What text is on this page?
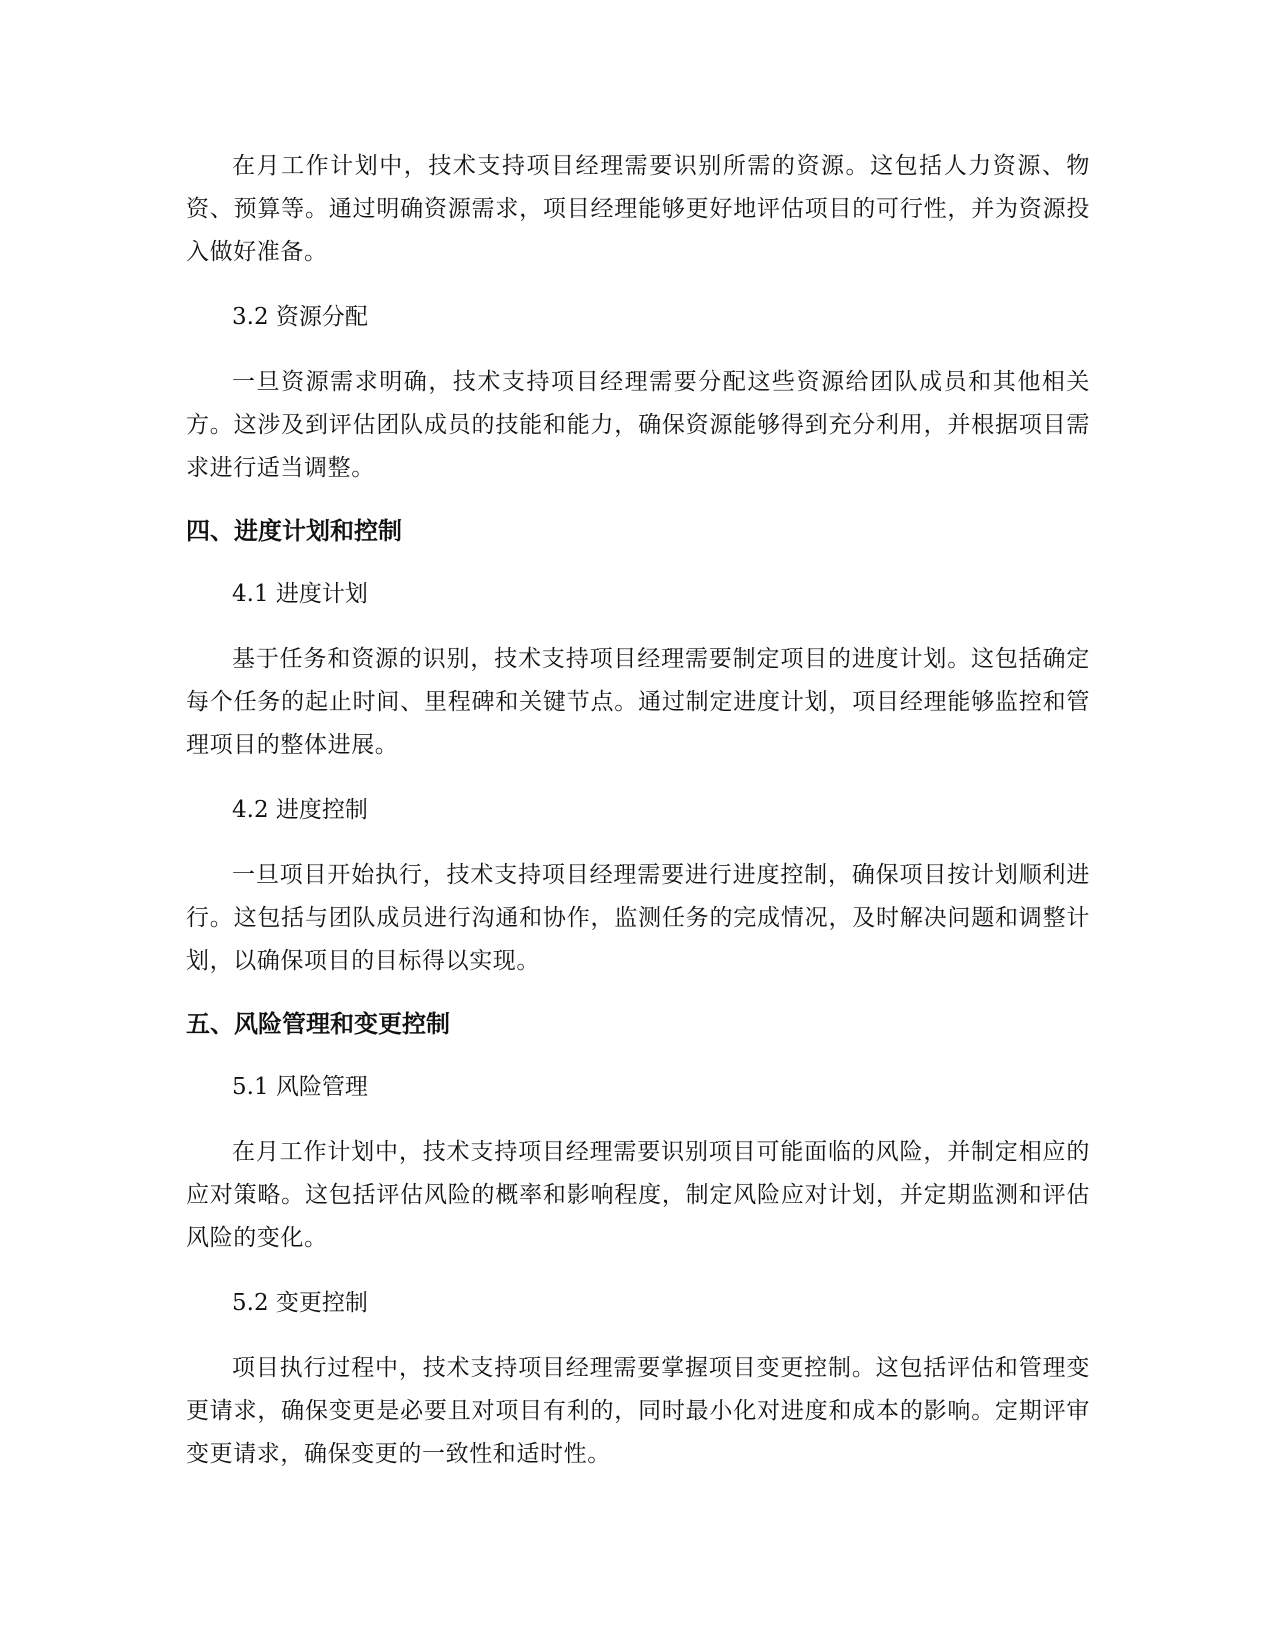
在月工作计划中，技术支持项目经理需要识别所需的资源。这包括人力资源、物资、预算等。通过明确资源需求，项目经理能够更好地评估项目的可行性，并为资源投入做好准备。

3.2 资源分配

一旦资源需求明确，技术支持项目经理需要分配这些资源给团队成员和其他相关方。这涉及到评估团队成员的技能和能力，确保资源能够得到充分利用，并根据项目需求进行适当调整。

四、进度计划和控制

4.1 进度计划

基于任务和资源的识别，技术支持项目经理需要制定项目的进度计划。这包括确定每个任务的起止时间、里程碑和关键节点。通过制定进度计划，项目经理能够监控和管理项目的整体进展。

4.2 进度控制

一旦项目开始执行，技术支持项目经理需要进行进度控制，确保项目按计划顺利进行。这包括与团队成员进行沟通和协作，监测任务的完成情况，及时解决问题和调整计划，以确保项目的目标得以实现。

五、风险管理和变更控制

5.1 风险管理

在月工作计划中，技术支持项目经理需要识别项目可能面临的风险，并制定相应的应对策略。这包括评估风险的概率和影响程度，制定风险应对计划，并定期监测和评估风险的变化。

5.2 变更控制

项目执行过程中，技术支持项目经理需要掌握项目变更控制。这包括评估和管理变更请求，确保变更是必要且对项目有利的，同时最小化对进度和成本的影响。定期评审变更请求，确保变更的一致性和适时性。
